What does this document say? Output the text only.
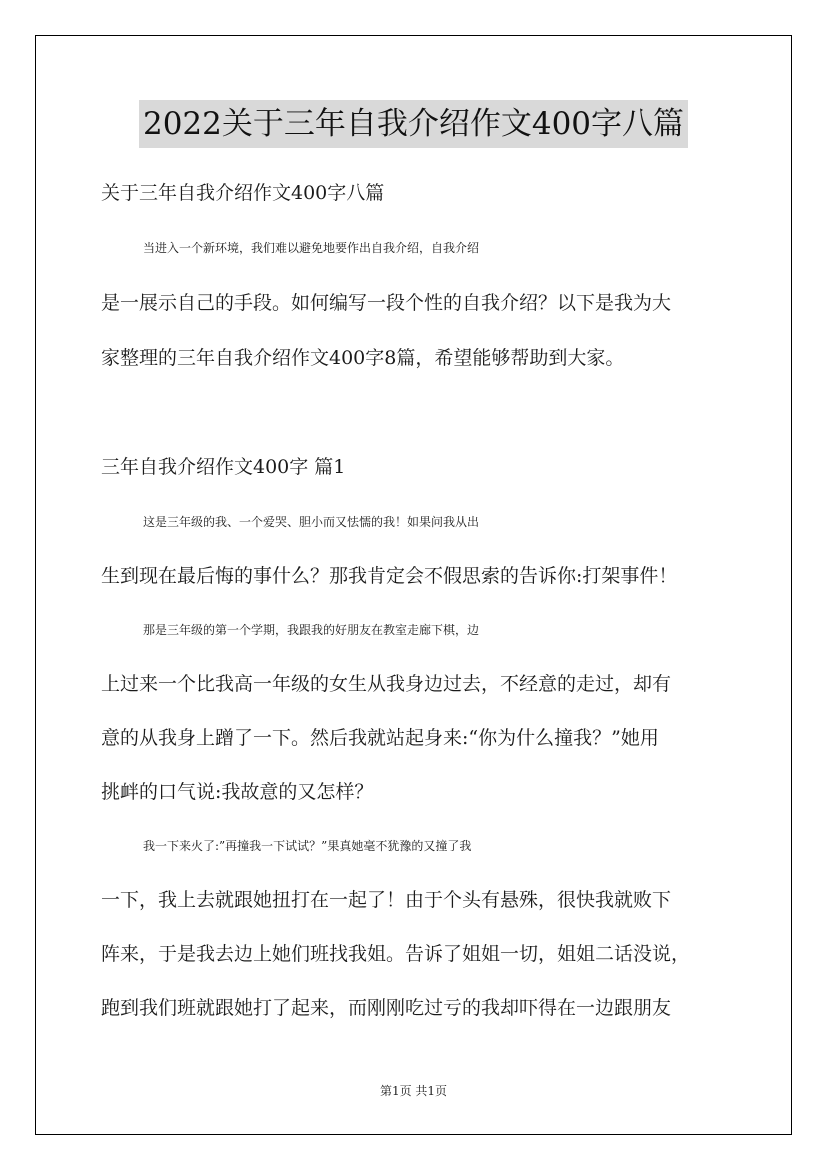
2022关于三年自我介绍作文400字八篇
关于三年自我介绍作文400字八篇
当进入一个新环境，我们难以避免地要作出自我介绍，自我介绍
是一展示自己的手段。如何编写一段个性的自我介绍？以下是我为大
家整理的三年自我介绍作文400字8篇，希望能够帮助到大家。
三年自我介绍作文400字 篇1
这是三年级的我、一个爱哭、胆小而又怯懦的我！如果问我从出
生到现在最后悔的事什么？那我肯定会不假思索的告诉你:打架事件！
那是三年级的第一个学期，我跟我的好朋友在教室走廊下棋，边
上过来一个比我高一年级的女生从我身边过去，不经意的走过，却有
意的从我身上蹭了一下。然后我就站起身来:“你为什么撞我？”她用
挑衅的口气说:我故意的又怎样？
我一下来火了:”再撞我一下试试？”果真她毫不犹豫的又撞了我
一下，我上去就跟她扭打在一起了！由于个头有悬殊，很快我就败下
阵来，于是我去边上她们班找我姐。告诉了姐姐一切，姐姐二话没说，
跑到我们班就跟她打了起来，而刚刚吃过亏的我却吓得在一边跟朋友
第1页 共1页
